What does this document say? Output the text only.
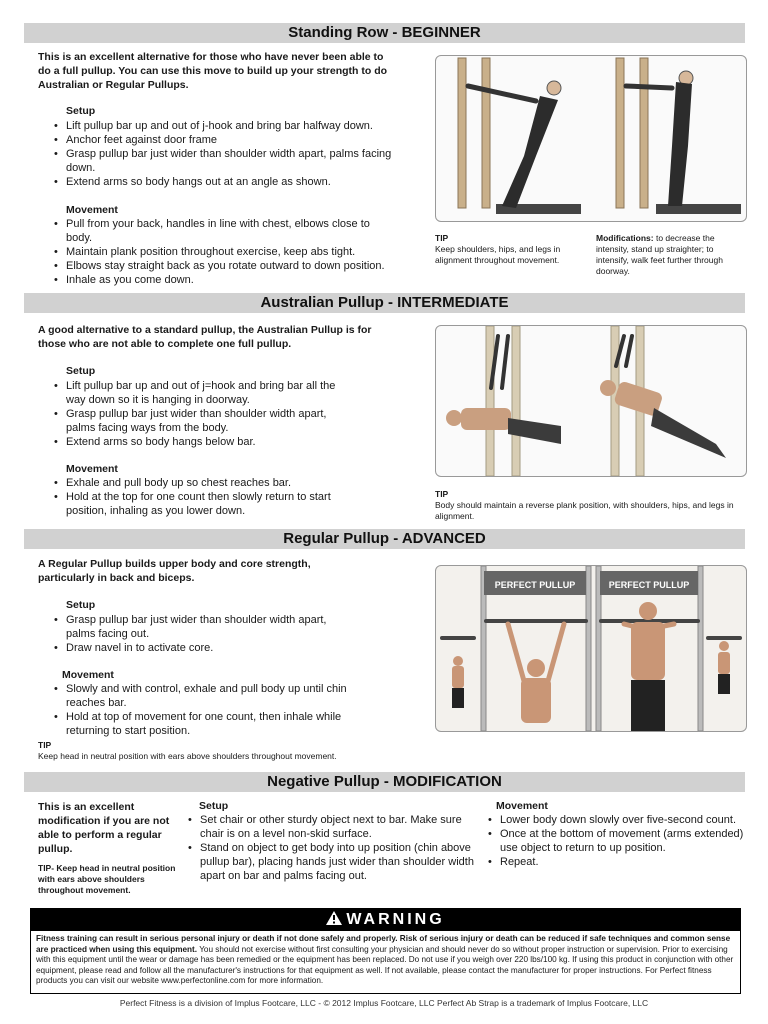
Standing Row - BEGINNER
This is an excellent alternative for those who have never been able to do a full pullup. You can use this move to build up your strength to do Australian or Regular Pullups.
Setup
• Lift pullup bar up and out of j-hook and bring bar halfway down.
• Anchor feet against door frame
• Grasp pullup bar just wider than shoulder width apart, palms facing down.
• Extend arms so body hangs out at an angle as shown.
Movement
• Pull from your back, handles in line with chest, elbows close to body.
• Maintain plank position throughout exercise, keep abs tight.
• Elbows stay straight back as you rotate outward to down position.
• Inhale as you come down.
TIP
Keep shoulders, hips, and legs in alignment throughout movement.
Modifications: to decrease the intensity, stand up straighter; to intensify, walk feet further through doorway.
Australian Pullup - INTERMEDIATE
A good alternative to a standard pullup, the Australian Pullup is for those who are not able to complete one full pullup.
Setup
• Lift pullup bar up and out of j=hook and bring bar all the way down so it is hanging in doorway.
• Grasp pullup bar just wider than shoulder width apart, palms facing ways from the body.
• Extend arms so body hangs below bar.
Movement
• Exhale and pull body up so chest reaches bar.
• Hold at the top for one count then slowly return to start position, inhaling as you lower down.
TIP
Body should maintain a reverse plank position, with shoulders, hips, and legs in alignment.
Regular Pullup - ADVANCED
A Regular Pullup builds upper body and core strength, particularly in back and biceps.
Setup
• Grasp pullup bar just wider than shoulder width apart, palms facing out.
• Draw navel in to activate core.
Movement
• Slowly and with control, exhale and pull body up until chin reaches bar.
• Hold at top of movement for one count, then inhale while returning to start position.
TIP
Keep head in neutral position with ears above shoulders throughout movement.
PERFECT PULLUP	PERFECT PULLUP
Negative Pullup - MODIFICATION
This is an excellent modification if you are not able to perform a regular pullup.
TIP- Keep head in neutral position with ears above shoulders throughout movement.
Setup
• Set chair or other sturdy object next to bar. Make sure chair is on a level non-skid surface.
• Stand on object to get body into up position (chin above pullup bar), placing hands just wider than shoulder width apart on bar and palms facing out.
Movement
• Lower body down slowly over five-second count.
• Once at the bottom of movement (arms extended) use object to return to up position.
• Repeat.
WARNING
Fitness training can result in serious personal injury or death if not done safely and properly. Risk of serious injury or death can be reduced if safe techniques and common sense are practiced when using this equipment. You should not exercise without first consulting your physician and should never do so without proper instruction or supervision. Prior to exercising with this equipment until the wear or damage has been remedied or the equipment has been replaced. Do not use if you weigh over 220 lbs/100 kg. If using this product in conjunction with other equipment, please read and follow all the manufacturer's instructions for that equipment as well. If not available, please contact the manufacturer for proper instructions. For Perfect fitness products you can visit our website www.perfectonline.com for more information.
Perfect Fitness is a division of Implus Footcare, LLC - © 2012 Implus Footcare, LLC Perfect Ab Strap is a trademark of Implus Footcare, LLC
